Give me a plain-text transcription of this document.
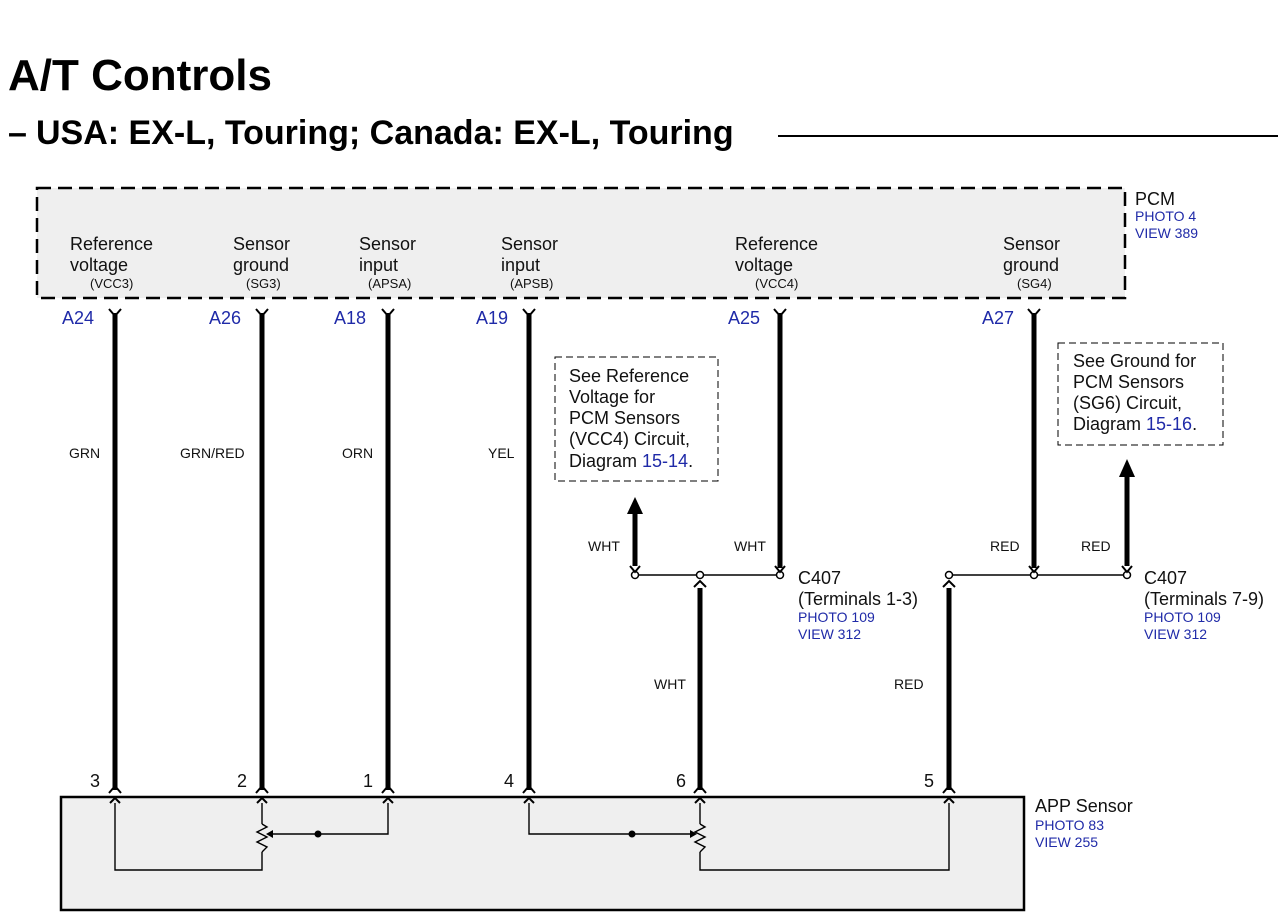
A/T Controls
– USA: EX-L, Touring; Canada: EX-L, Touring
PCM
PHOTO 4
VIEW 389
Reference
voltage
(VCC3)
Sensor
ground
(SG3)
Sensor
input
(APSA)
Sensor
input
(APSB)
Reference
voltage
(VCC4)
Sensor
ground
(SG4)
A24	A26	A18	A19	A25	A27
GRN	GRN/RED	ORN	YEL
WHT	WHT
WHT
RED	RED
RED
See Reference
Voltage for
PCM Sensors
(VCC4) Circuit,
Diagram 15-14.
See Ground for
PCM Sensors
(SG6) Circuit,
Diagram 15-16.
C407
(Terminals 1-3)
PHOTO 109
VIEW 312
C407
(Terminals 7-9)
PHOTO 109
VIEW 312
APP Sensor
PHOTO 83
VIEW 255
3	2	1	4	6	5
